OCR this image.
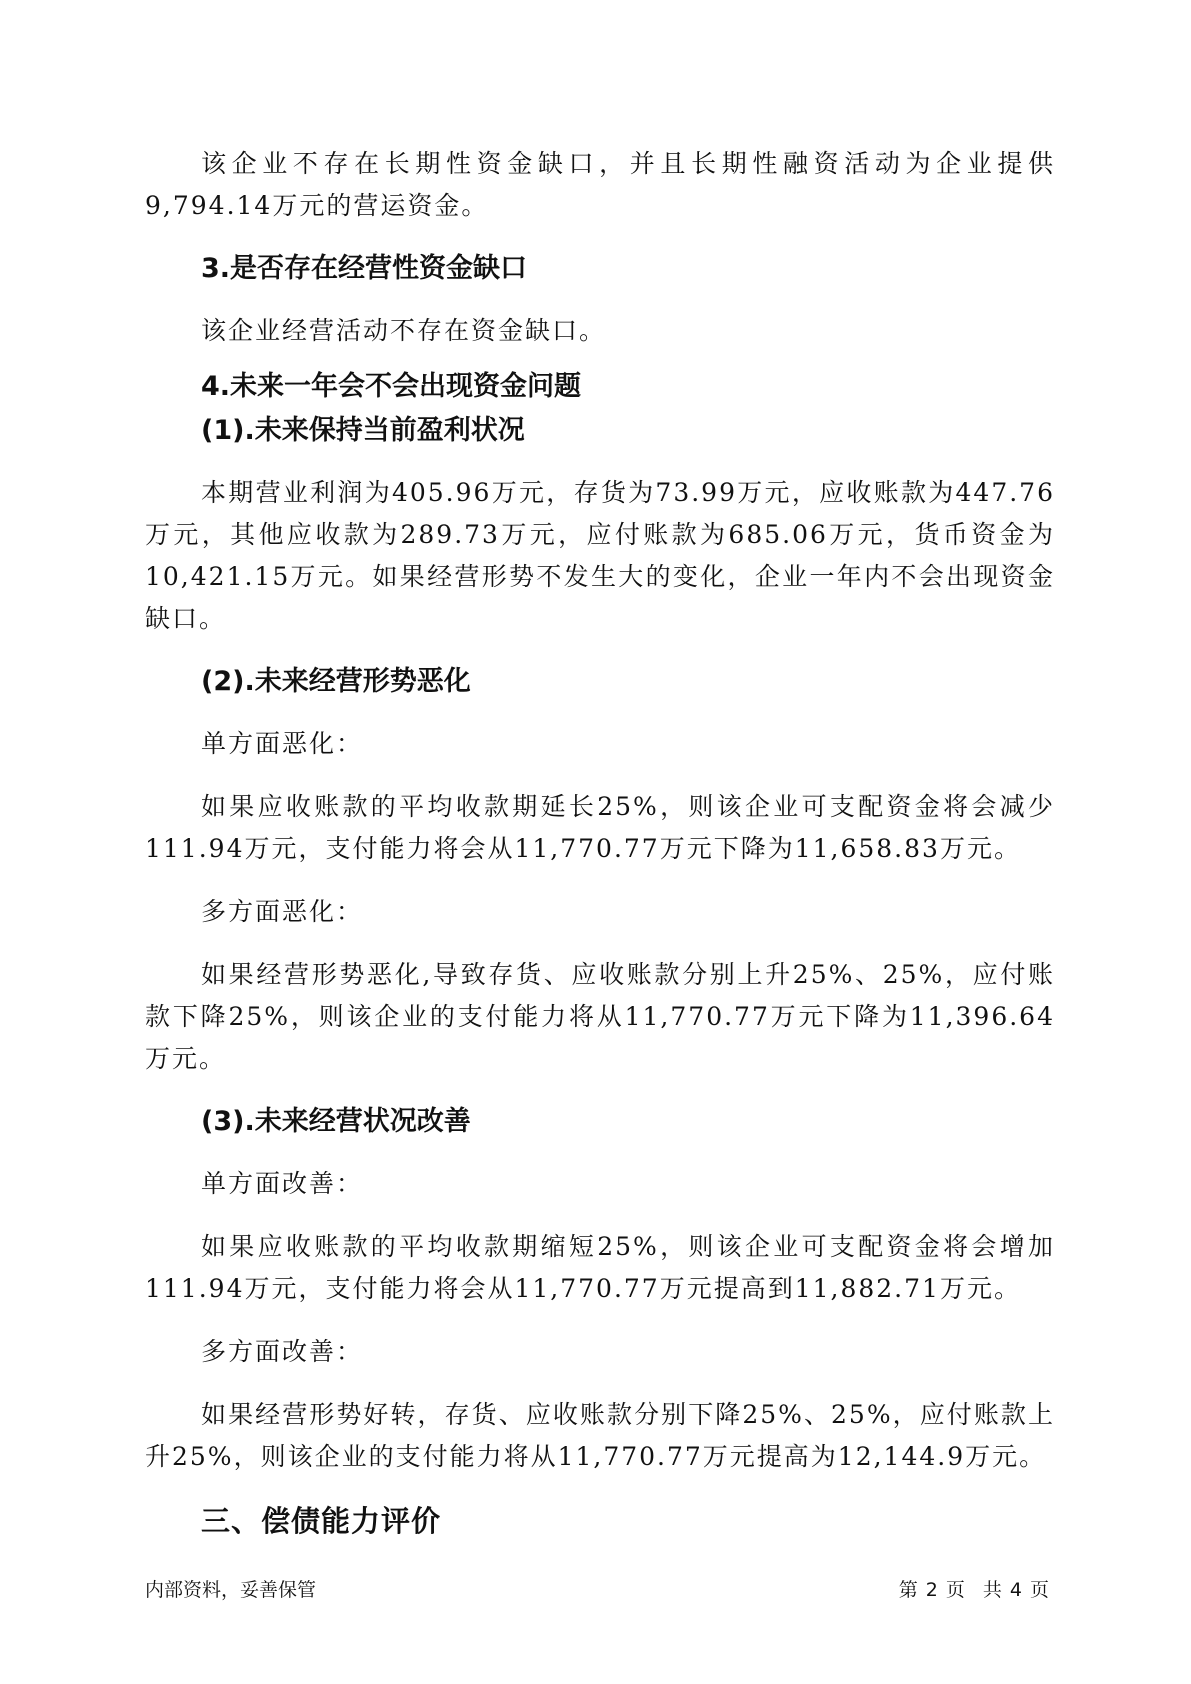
该企业不存在长期性资金缺口，并且长期性融资活动为企业提供9,794.14万元的营运资金。

3.是否存在经营性资金缺口

该企业经营活动不存在资金缺口。

4.未来一年会不会出现资金问题
(1).未来保持当前盈利状况

本期营业利润为405.96万元，存货为73.99万元，应收账款为447.76万元，其他应收款为289.73万元，应付账款为685.06万元，货币资金为10,421.15万元。如果经营形势不发生大的变化，企业一年内不会出现资金缺口。

(2).未来经营形势恶化

单方面恶化：

如果应收账款的平均收款期延长25%，则该企业可支配资金将会减少111.94万元，支付能力将会从11,770.77万元下降为11,658.83万元。

多方面恶化：

如果经营形势恶化,导致存货、应收账款分别上升25%、25%，应付账款下降25%，则该企业的支付能力将从11,770.77万元下降为11,396.64万元。

(3).未来经营状况改善

单方面改善：

如果应收账款的平均收款期缩短25%，则该企业可支配资金将会增加111.94万元，支付能力将会从11,770.77万元提高到11,882.71万元。

多方面改善：

如果经营形势好转，存货、应收账款分别下降25%、25%，应付账款上升25%，则该企业的支付能力将从11,770.77万元提高为12,144.9万元。

三、偿债能力评价
内部资料，妥善保管	第 2 页 共 4 页
